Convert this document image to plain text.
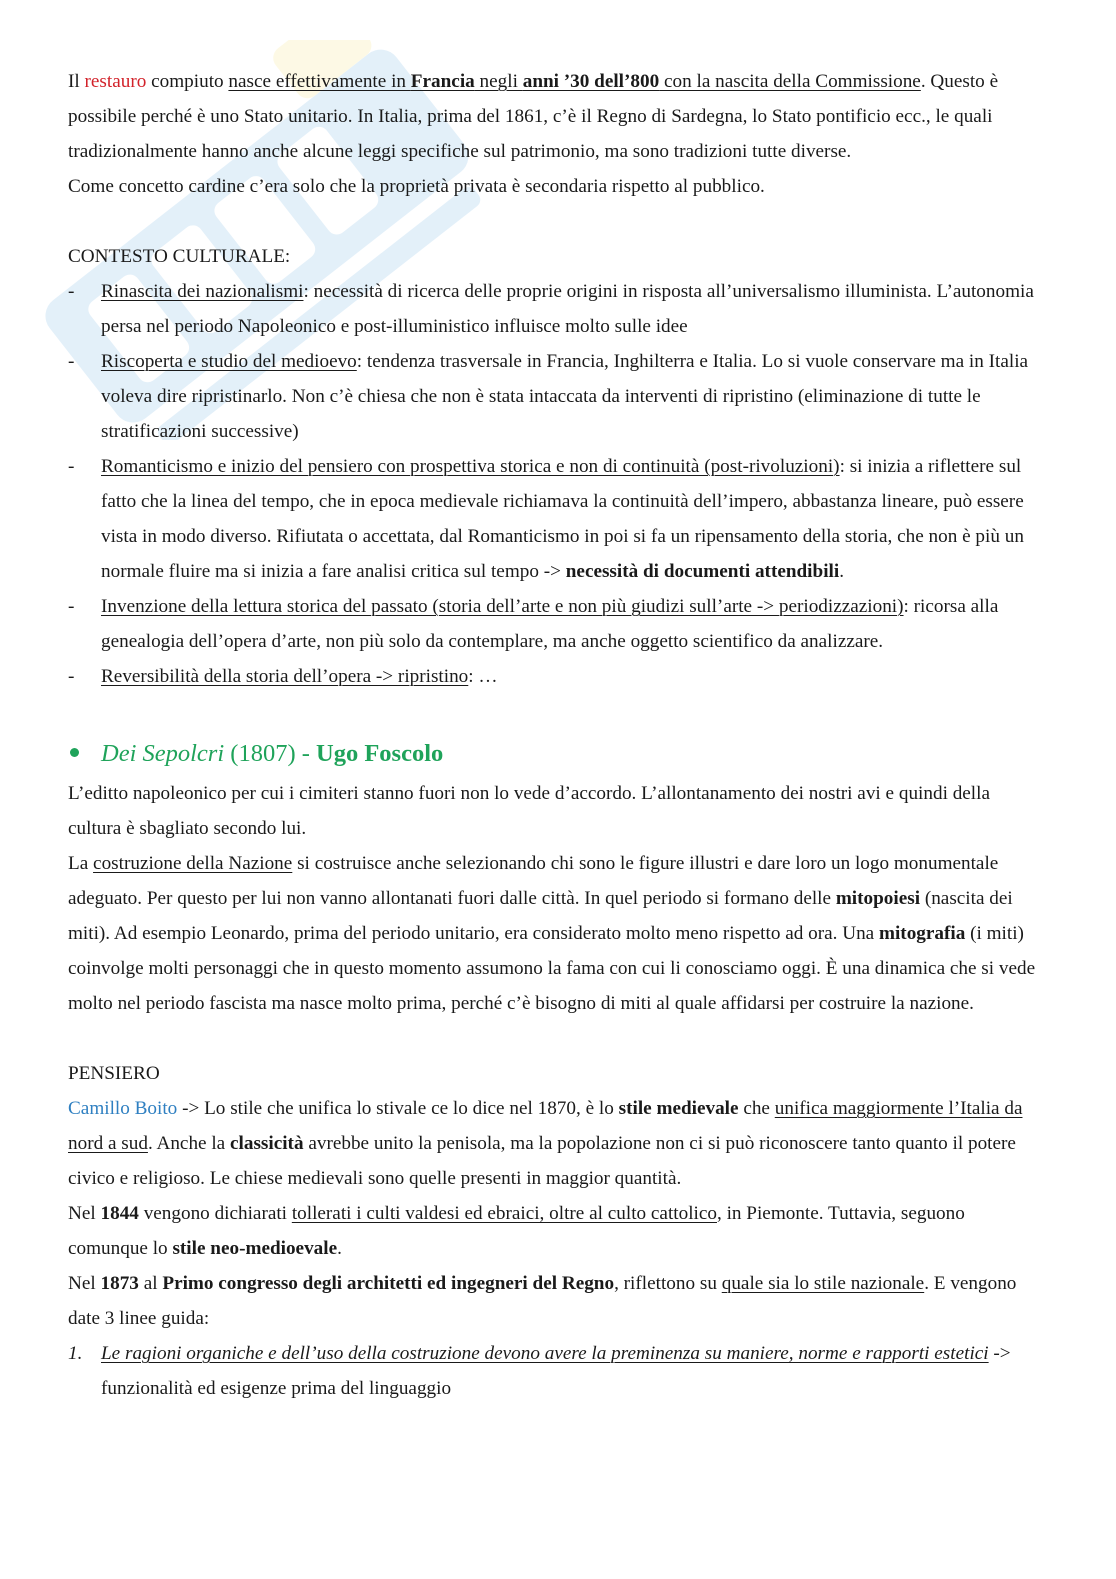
Il restauro compiuto nasce effettivamente in Francia negli anni ’30 dell’800 con la nascita della Commissione. Questo è possibile perché è uno Stato unitario. In Italia, prima del 1861, c’è il Regno di Sardegna, lo Stato pontificio ecc., le quali tradizionalmente hanno anche alcune leggi specifiche sul patrimonio, ma sono tradizioni tutte diverse.

Come concetto cardine c’era solo che la proprietà privata è secondaria rispetto al pubblico.

CONTESTO CULTURALE:

- Rinascita dei nazionalismi: necessità di ricerca delle proprie origini in risposta all’universalismo illuminista. L’autonomia persa nel periodo Napoleonico e post-illuministico influisce molto sulle idee
- Riscoperta e studio del medioevo: tendenza trasversale in Francia, Inghilterra e Italia. Lo si vuole conservare ma in Italia voleva dire ripristinarlo. Non c’è chiesa che non è stata intaccata da interventi di ripristino (eliminazione di tutte le stratificazioni successive)
- Romanticismo e inizio del pensiero con prospettiva storica e non di continuità (post-rivoluzioni): si inizia a riflettere sul fatto che la linea del tempo, che in epoca medievale richiamava la continuità dell’impero, abbastanza lineare, può essere vista in modo diverso. Rifiutata o accettata, dal Romanticismo in poi si fa un ripensamento della storia, che non è più un normale fluire ma si inizia a fare analisi critica sul tempo -> necessità di documenti attendibili.
- Invenzione della lettura storica del passato (storia dell’arte e non più giudizi sull’arte -> periodizzazioni): ricorsa alla genealogia dell’opera d’arte, non più solo da contemplare, ma anche oggetto scientifico da analizzare.
- Reversibilità della storia dell’opera -> ripristino: …
Dei Sepolcri (1807) - Ugo Foscolo

L’editto napoleonico per cui i cimiteri stanno fuori non lo vede d’accordo. L’allontanamento dei nostri avi e quindi della cultura è sbagliato secondo lui.

La costruzione della Nazione si costruisce anche selezionando chi sono le figure illustri e dare loro un logo monumentale adeguato. Per questo per lui non vanno allontanati fuori dalle città. In quel periodo si formano delle mitopoiesi (nascita dei miti). Ad esempio Leonardo, prima del periodo unitario, era considerato molto meno rispetto ad ora. Una mitografia (i miti) coinvolge molti personaggi che in questo momento assumono la fama con cui li conosciamo oggi. È una dinamica che si vede molto nel periodo fascista ma nasce molto prima, perché c’è bisogno di miti al quale affidarsi per costruire la nazione.

PENSIERO

Camillo Boito -> Lo stile che unifica lo stivale ce lo dice nel 1870, è lo stile medievale che unifica maggiormente l’Italia da nord a sud. Anche la classicità avrebbe unito la penisola, ma la popolazione non ci si può riconoscere tanto quanto il potere civico e religioso. Le chiese medievali sono quelle presenti in maggior quantità.

Nel 1844 vengono dichiarati tollerati i culti valdesi ed ebraici, oltre al culto cattolico, in Piemonte. Tuttavia, seguono comunque lo stile neo-medioevale.

Nel 1873 al Primo congresso degli architetti ed ingegneri del Regno, riflettono su quale sia lo stile nazionale. E vengono date 3 linee guida:

1. Le ragioni organiche e dell’uso della costruzione devono avere la preminenza su maniere, norme e rapporti estetici -> funzionalità ed esigenze prima del linguaggio
